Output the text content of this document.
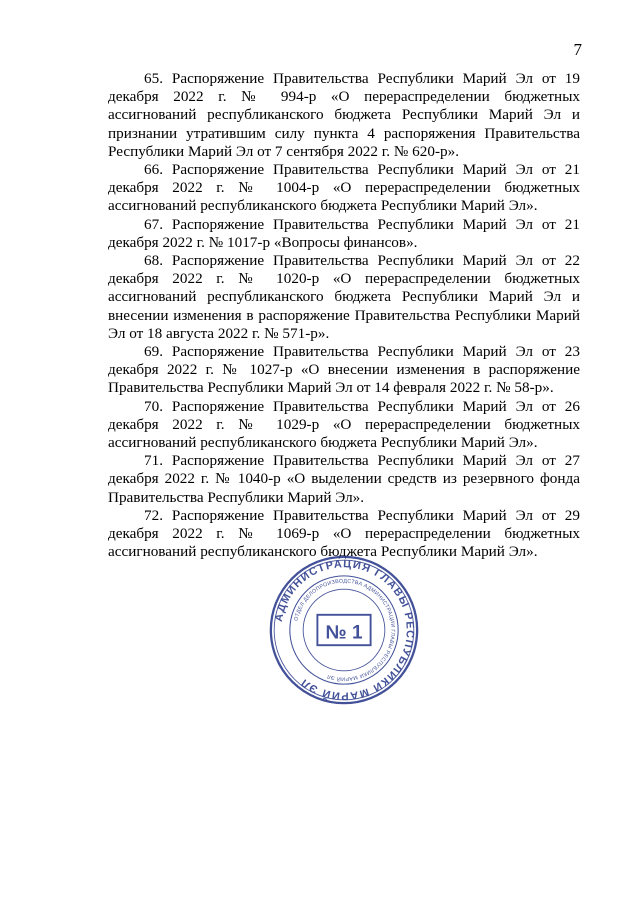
7

65. Распоряжение Правительства Республики Марий Эл от 19 декабря 2022 г. № 994-р «О перераспределении бюджетных ассигнований республиканского бюджета Республики Марий Эл и признании утратившим силу пункта 4 распоряжения Правительства Республики Марий Эл от 7 сентября 2022 г. № 620-р».

66. Распоряжение Правительства Республики Марий Эл от 21 декабря 2022 г. № 1004-р «О перераспределении бюджетных ассигнований республиканского бюджета Республики Марий Эл».

67. Распоряжение Правительства Республики Марий Эл от 21 декабря 2022 г. № 1017-р «Вопросы финансов».

68. Распоряжение Правительства Республики Марий Эл от 22 декабря 2022 г. № 1020-р «О перераспределении бюджетных ассигнований республиканского бюджета Республики Марий Эл и внесении изменения в распоряжение Правительства Республики Марий Эл от 18 августа 2022 г. № 571-р».

69. Распоряжение Правительства Республики Марий Эл от 23 декабря 2022 г. № 1027-р «О внесении изменения в распоряжение Правительства Республики Марий Эл от 14 февраля 2022 г. № 58-р».

70. Распоряжение Правительства Республики Марий Эл от 26 декабря 2022 г. № 1029-р «О перераспределении бюджетных ассигнований республиканского бюджета Республики Марий Эл».

71. Распоряжение Правительства Республики Марий Эл от 27 декабря 2022 г. № 1040-р «О выделении средств из резервного фонда Правительства Республики Марий Эл».

72. Распоряжение Правительства Республики Марий Эл от 29 декабря 2022 г. № 1069-р «О перераспределении бюджетных ассигнований республиканского бюджета Республики Марий Эл».

АДМИНИСТРАЦИЯ ГЛАВЫ РЕСПУБЛИКИ МАРИЙ ЭЛ
ОТДЕЛ ДЕЛОПРОИЗВОДСТВА АДМИНИСТРАЦИИ ГЛАВЫ РЕСПУБЛИКИ МАРИЙ ЭЛ
№ 1
